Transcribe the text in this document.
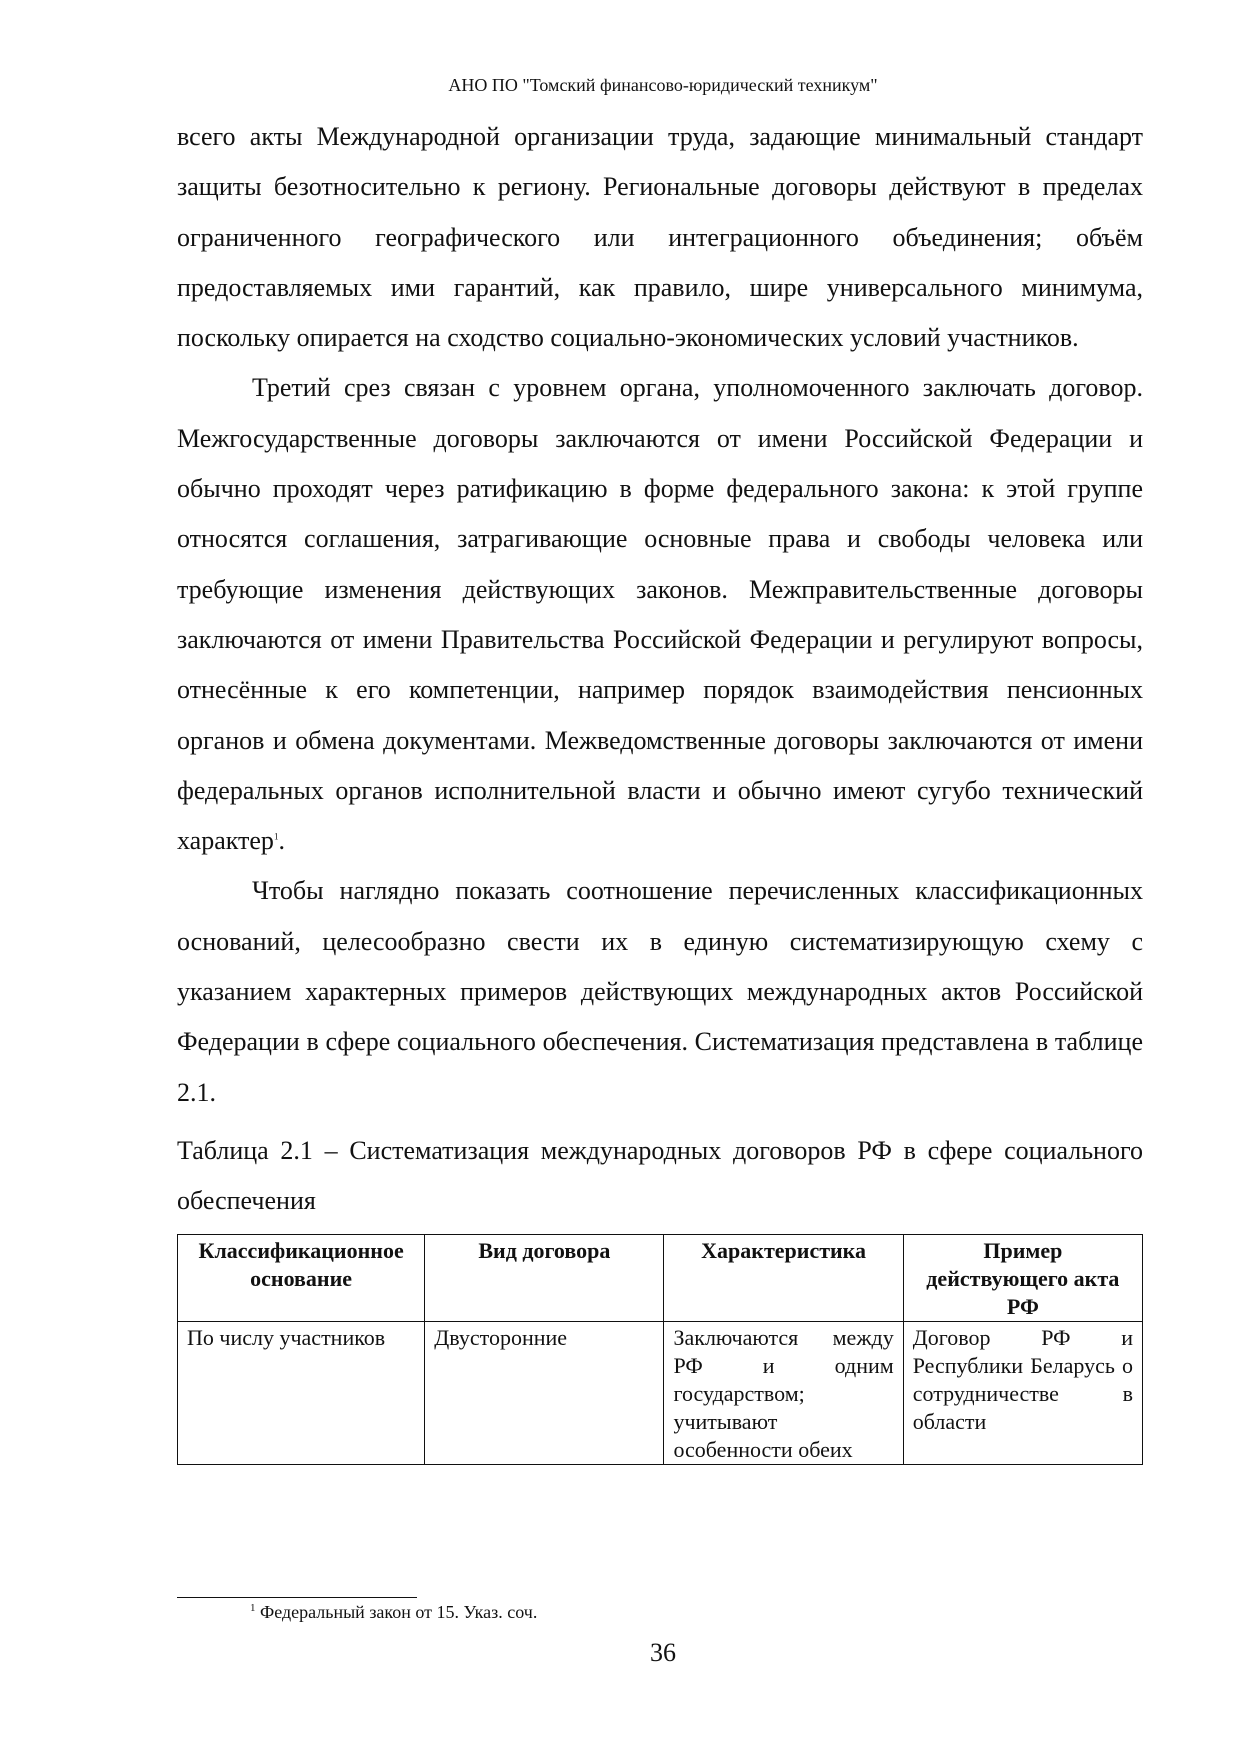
АНО ПО "Томский финансово-юридический техникум"

всего акты Международной организации труда, задающие минимальный стандарт защиты безотносительно к региону. Региональные договоры действуют в пределах ограниченного географического или интеграционного объединения; объём предоставляемых ими гарантий, как правило, шире универсального минимума, поскольку опирается на сходство социально-экономических условий участников.

Третий срез связан с уровнем органа, уполномоченного заключать договор. Межгосударственные договоры заключаются от имени Российской Федерации и обычно проходят через ратификацию в форме федерального закона: к этой группе относятся соглашения, затрагивающие основные права и свободы человека или требующие изменения действующих законов. Межправительственные договоры заключаются от имени Правительства Российской Федерации и регулируют вопросы, отнесённые к его компетенции, например порядок взаимодействия пенсионных органов и обмена документами. Межведомственные договоры заключаются от имени федеральных органов исполнительной власти и обычно имеют сугубо технический характер$^1$.

Чтобы наглядно показать соотношение перечисленных классификационных оснований, целесообразно свести их в единую систематизирующую схему с указанием характерных примеров действующих международных актов Российской Федерации в сфере социального обеспечения. Систематизация представлена в таблице 2.1.

Таблица 2.1 – Систематизация международных договоров РФ в сфере социального обеспечения
Классификационное основание	Вид договора	Характеристика	Пример действующего акта РФ
По числу участников	Двусторонние	Заключаются между РФ и одним государством; учитывают особенности обеих	Договор РФ и Республики Беларусь о сотрудничестве в области
$^1$ Федеральный закон от 15. Указ. соч.
36
